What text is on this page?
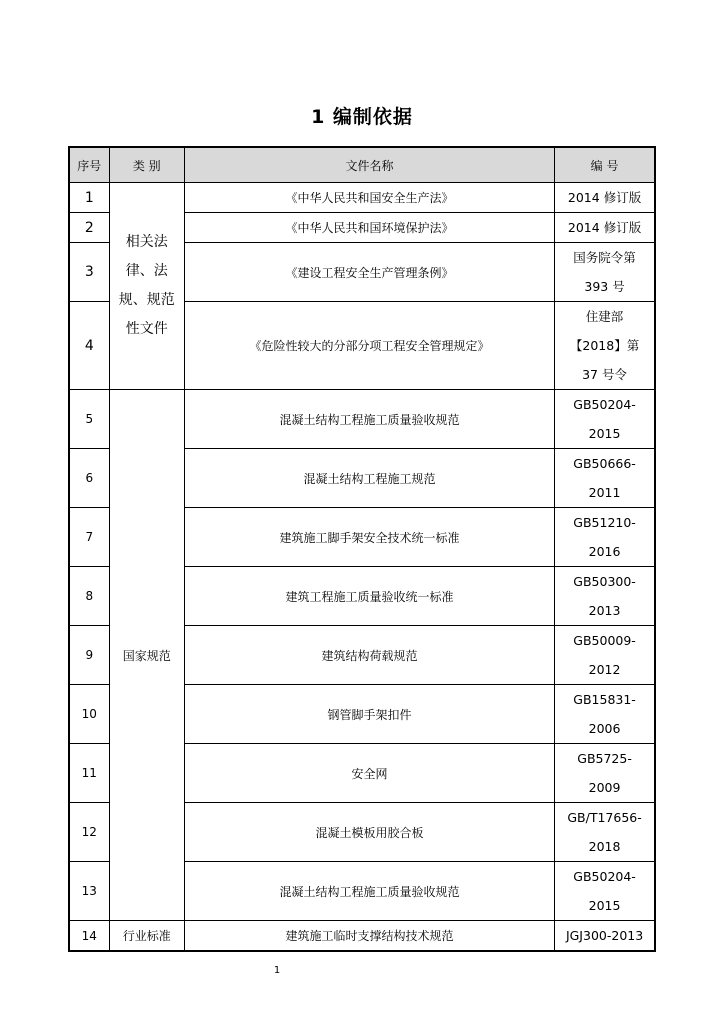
1 编制依据
序号	类 别	文件名称	编 号
1	相关法律、法规、规范性文件	《中华人民共和国安全生产法》	2014 修订版
2		《中华人民共和国环境保护法》	2014 修订版
3		《建设工程安全生产管理条例》	国务院令第 393 号
4		《危险性较大的分部分项工程安全管理规定》	住建部【2018】第 37 号令
5	国家规范	混凝土结构工程施工质量验收规范	GB50204-2015
6		混凝土结构工程施工规范	GB50666-2011
7		建筑施工脚手架安全技术统一标准	GB51210-2016
8		建筑工程施工质量验收统一标准	GB50300-2013
9		建筑结构荷载规范	GB50009-2012
10		钢管脚手架扣件	GB15831-2006
11		安全网	GB5725-2009
12		混凝土模板用胶合板	GB/T17656-2018
13		混凝土结构工程施工质量验收规范	GB50204-2015
14	行业标准	建筑施工临时支撑结构技术规范	JGJ300-2013
1
